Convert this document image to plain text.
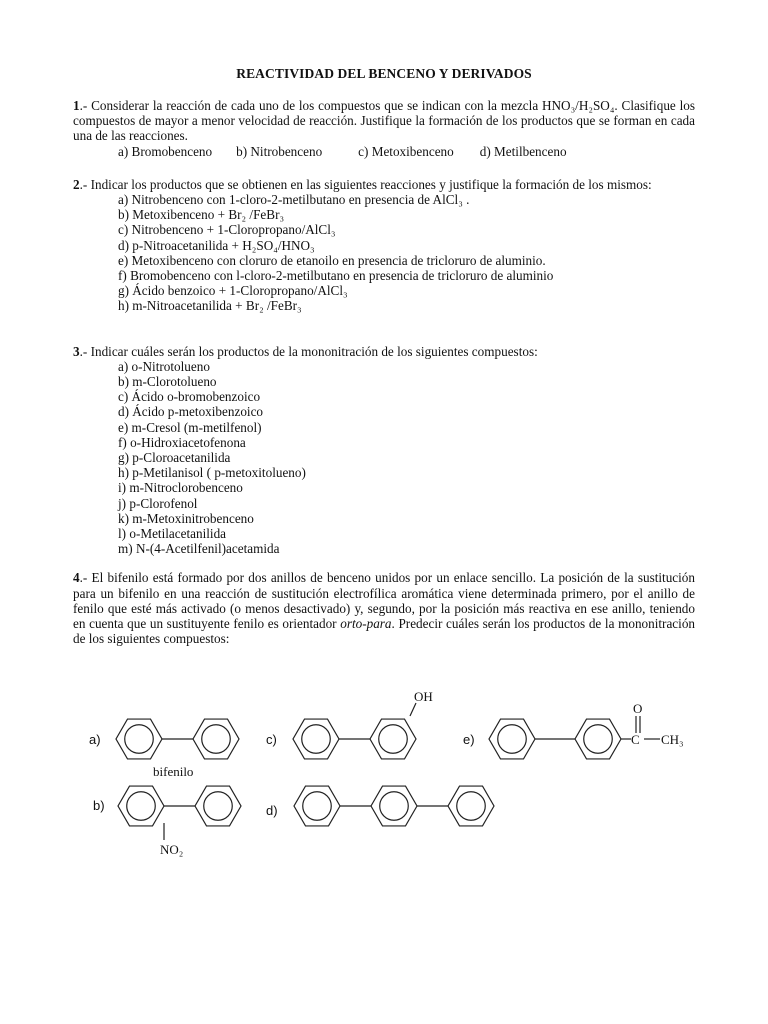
REACTIVIDAD DEL BENCENO Y DERIVADOS

1.- Considerar la reacción de cada uno de los compuestos que se indican con la mezcla HNO₃/H₂SO₄. Clasifique los compuestos de mayor a menor velocidad de reacción. Justifique la formación de los productos que se forman en cada una de las reacciones.

a) Bromobenceno b) Nitrobenceno	c) Metoxibenceno d) Metilbenceno

2.- Indicar los productos que se obtienen en las siguientes reacciones y justifique la formación de los mismos:

a) Nitrobenceno con 1-cloro-2-metilbutano en presencia de AlCl₃ .
b) Metoxibenceno + Br₂ /FeBr₃
c) Nitrobenceno + 1-Cloropropano/AlCl₃
d) p-Nitroacetanilida + H₂SO₄/HNO₃
e) Metoxibenceno con cloruro de etanoilo en presencia de tricloruro de aluminio.
f) Bromobenceno con l-cloro-2-metilbutano en presencia de tricloruro de aluminio
g) Ácido benzoico + 1-Cloropropano/AlCl₃
h) m-Nitroacetanilida + Br₂ /FeBr₃

3.- Indicar cuáles serán los productos de la mononitración de los siguientes compuestos:

a) o-Nitrotolueno
b) m-Clorotolueno
c) Ácido o-bromobenzoico
d) Ácido p-metoxibenzoico
e) m-Cresol (m-metilfenol)
f) o-Hidroxiacetofenona
g) p-Cloroacetanilida
h) p-Metilanisol ( p-metoxitolueno)
i) m-Nitroclorobenceno
j) p-Clorofenol
k) m-Metoxinitrobenceno
l) o-Metilacetanilida
m) N-(4-Acetilfenil)acetamida

4.- El bifenilo está formado por dos anillos de benceno unidos por un enlace sencillo. La posición de la sustitución para un bifenilo en una reacción de sustitución electrofílica aromática viene determinada primero, por el anillo de fenilo que esté más activado (o menos desactivado) y, segundo, por la posición más reactiva en ese anillo, teniendo en cuenta que un sustituyente fenilo es orientador orto-para. Predecir cuáles serán los productos de la mononitración de los siguientes compuestos:

a)
bifenilo
b)
NO₂
c)
OH
d)
e)
O
C CH₃
